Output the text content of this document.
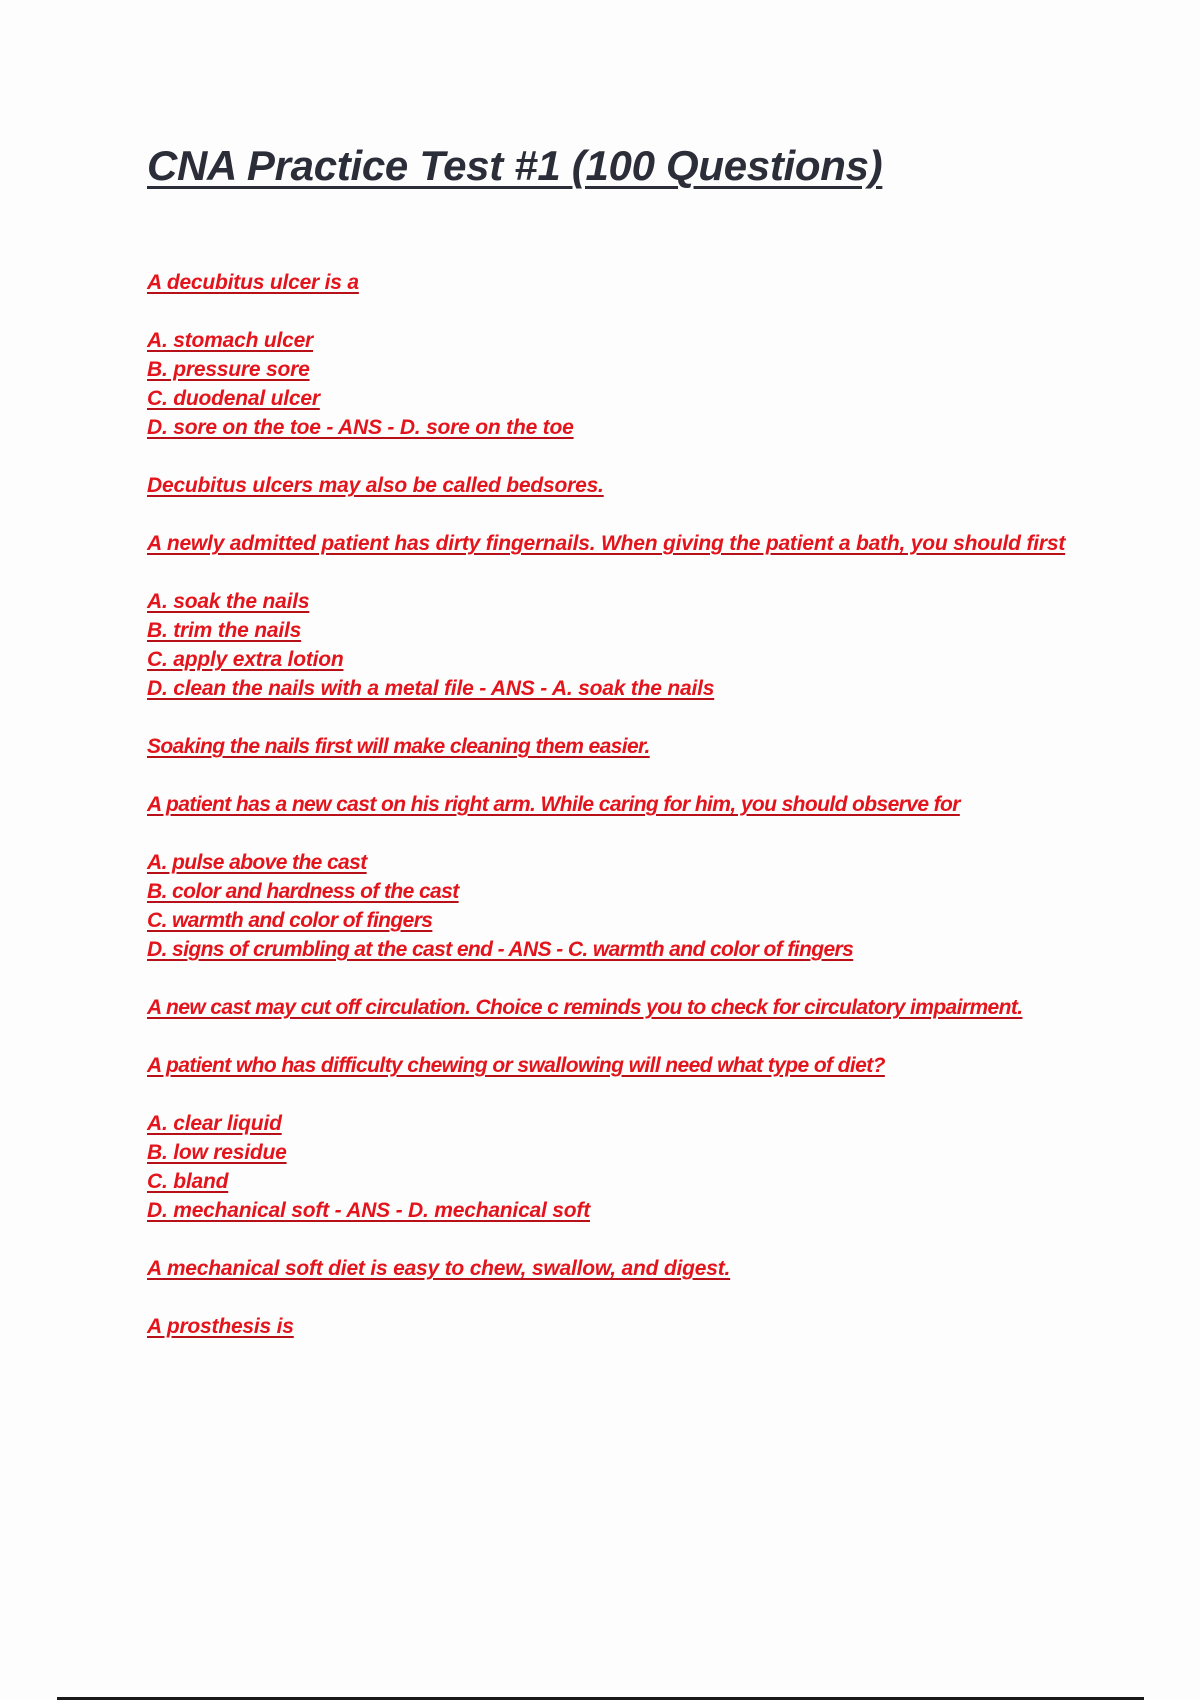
CNA Practice Test #1 (100 Questions)
A decubitus ulcer is a
A. stomach ulcer
B. pressure sore
C. duodenal ulcer
D. sore on the toe - ANS - D. sore on the toe
Decubitus ulcers may also be called bedsores.
A newly admitted patient has dirty fingernails. When giving the patient a bath, you should first
A. soak the nails
B. trim the nails
C. apply extra lotion
D. clean the nails with a metal file - ANS - A. soak the nails
Soaking the nails first will make cleaning them easier.
A patient has a new cast on his right arm. While caring for him, you should observe for
A. pulse above the cast
B. color and hardness of the cast
C. warmth and color of fingers
D. signs of crumbling at the cast end - ANS - C. warmth and color of fingers
A new cast may cut off circulation. Choice c reminds you to check for circulatory impairment.
A patient who has difficulty chewing or swallowing will need what type of diet?
A. clear liquid
B. low residue
C. bland
D. mechanical soft - ANS - D. mechanical soft
A mechanical soft diet is easy to chew, swallow, and digest.
A prosthesis is
